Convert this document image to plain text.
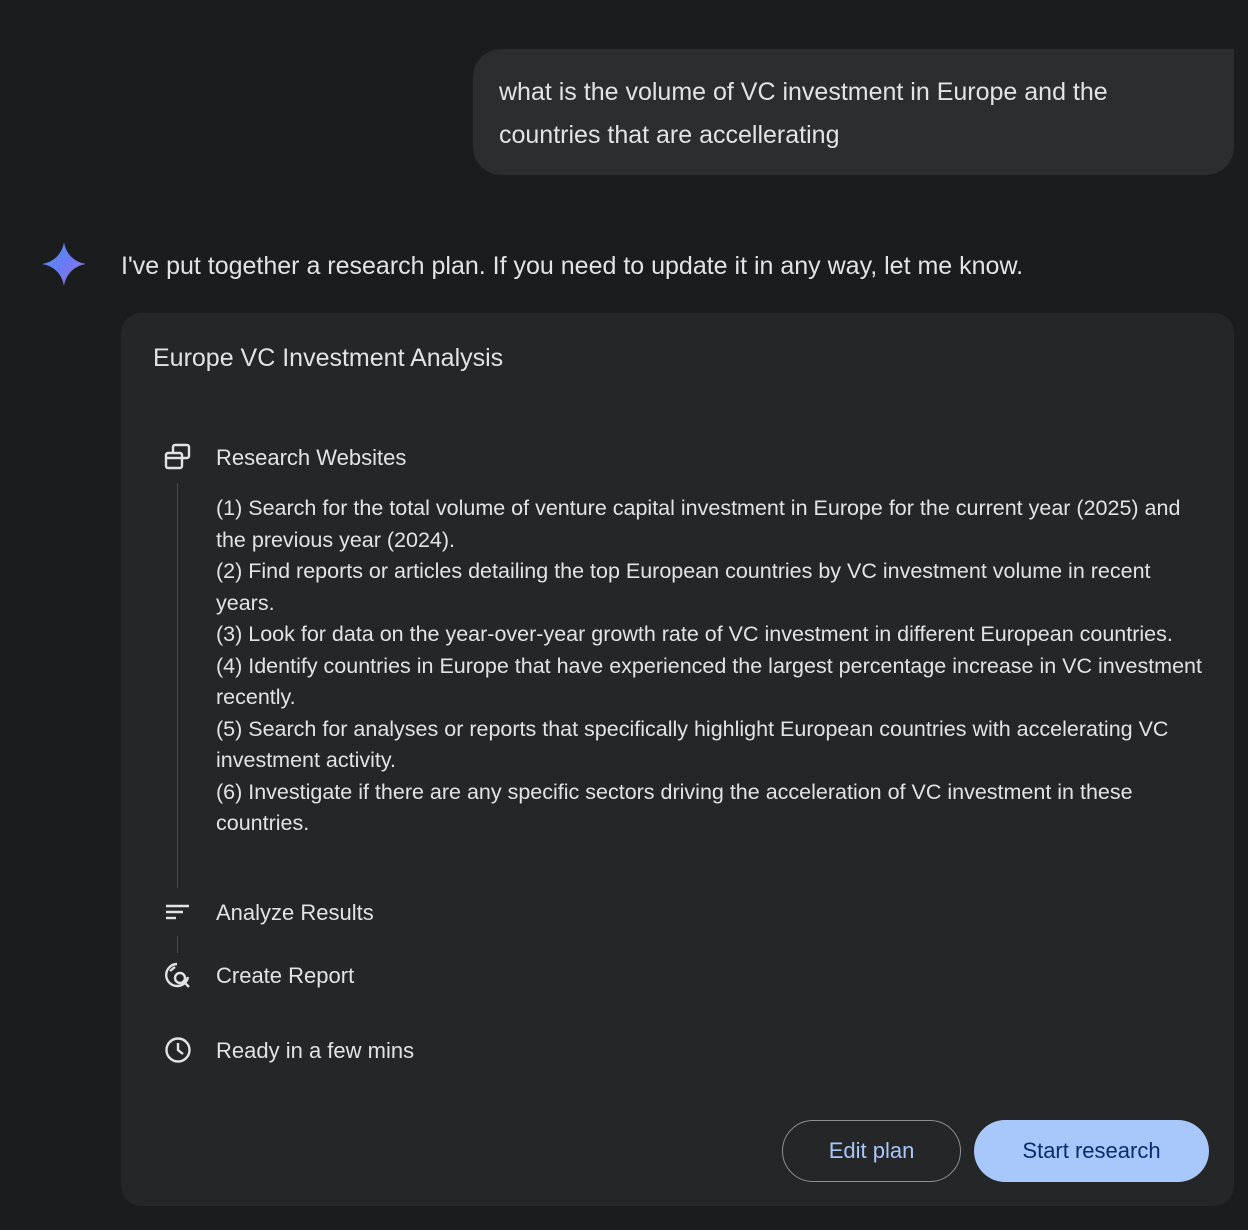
what is the volume of VC investment in Europe and the countries that are accellerating
I've put together a research plan. If you need to update it in any way, let me know.
Europe VC Investment Analysis
Research Websites
(1) Search for the total volume of venture capital investment in Europe for the current year (2025) and the previous year (2024).
(2) Find reports or articles detailing the top European countries by VC investment volume in recent years.
(3) Look for data on the year-over-year growth rate of VC investment in different European countries.
(4) Identify countries in Europe that have experienced the largest percentage increase in VC investment recently.
(5) Search for analyses or reports that specifically highlight European countries with accelerating VC investment activity.
(6) Investigate if there are any specific sectors driving the acceleration of VC investment in these countries.
Analyze Results
Create Report
Ready in a few mins
Edit plan	Start research
